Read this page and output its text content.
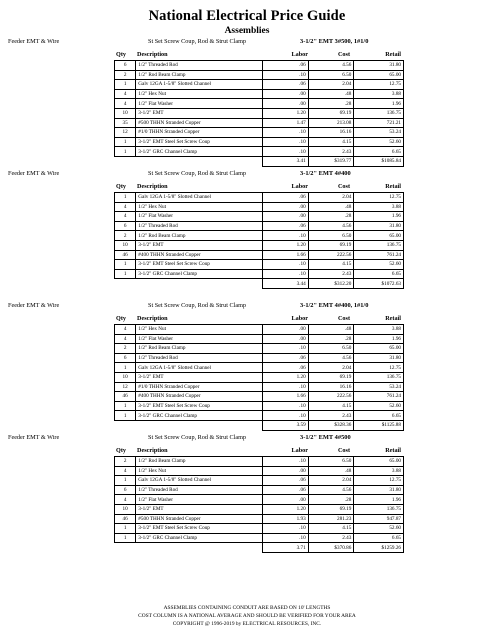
National Electrical Price Guide
Assemblies
Feeder EMT & Wire	St Set Screw Coup, Rod & Strut Clamp	3-1/2" EMT 3#500, 1#1/0
Qty Description	Labor	Cost	Retail
6	1/2" Threaded Rod	.06	4.56	31.80
2	1/2" Rod Beam Clamp	.10	6.50	65.00
1	Galv 12GA 1-5/8" Slotted Channel	.06	2.04	12.75
4	1/2" Hex Nut	.00	.48	3.88
4	1/2" Flat Washer	.00	.28	1.96
10	3-1/2" EMT	1.20	69.19	136.75
35	#500 THHN Stranded Copper	1.47	213.08	721.21
12	#1/0 THHN Stranded Copper	.10	16.16	53.24
1	3-1/2" EMT Steel Set Screw Coup	.10	4.15	52.60
1	3-1/2" GRC Channel Clamp	.10	2.43	6.65
		3.41	$319.77	$1085.84
Feeder EMT & Wire	St Set Screw Coup, Rod & Strut Clamp	3-1/2" EMT 4#400
Qty Description	Labor	Cost	Retail
1	Galv 12GA 1-5/8" Slotted Channel	.06	2.04	12.75
4	1/2" Hex Nut	.00	.48	3.88
4	1/2" Flat Washer	.00	.28	1.96
6	1/2" Threaded Rod	.06	4.56	31.80
2	1/2" Rod Beam Clamp	.10	6.50	65.00
10	3-1/2" EMT	1.20	69.19	136.75
46	#400 THHN Stranded Copper	1.66	222.56	761.24
1	3-1/2" EMT Steel Set Screw Coup	.10	4.15	52.60
1	3-1/2" GRC Channel Clamp	.10	2.43	6.65
		3.44	$312.20	$1072.63
Feeder EMT & Wire	St Set Screw Coup, Rod & Strut Clamp	3-1/2" EMT 4#400, 1#1/0
Qty Description	Labor	Cost	Retail
4	1/2" Hex Nut	.00	.48	3.88
4	1/2" Flat Washer	.00	.28	1.96
2	1/2" Rod Beam Clamp	.10	6.50	65.00
6	1/2" Threaded Rod	.06	4.56	31.80
1	Galv 12GA 1-5/8" Slotted Channel	.06	2.04	12.75
10	3-1/2" EMT	1.20	69.19	136.75
12	#1/0 THHN Stranded Copper	.10	16.16	53.24
46	#400 THHN Stranded Copper	1.66	222.56	761.24
1	3-1/2" EMT Steel Set Screw Coup	.10	4.15	52.60
1	3-1/2" GRC Channel Clamp	.10	2.43	6.65
		3.59	$328.36	$1125.88
Feeder EMT & Wire	St Set Screw Coup, Rod & Strut Clamp	3-1/2" EMT 4#500
Qty Description	Labor	Cost	Retail
2	1/2" Rod Beam Clamp	.10	6.50	65.00
4	1/2" Hex Nut	.00	.48	3.88
1	Galv 12GA 1-5/8" Slotted Channel	.06	2.04	12.75
6	1/2" Threaded Rod	.06	4.56	31.80
4	1/2" Flat Washer	.00	.28	1.96
10	3-1/2" EMT	1.20	69.19	136.75
46	#500 THHN Stranded Copper	1.93	281.23	947.87
1	3-1/2" EMT Steel Set Screw Coup	.10	4.15	52.60
1	3-1/2" GRC Channel Clamp	.10	2.43	6.65
		3.71	$370.86	$1259.26
ASSEMBLIES CONTAINING CONDUIT ARE BASED ON 10' LENGTHS
COST COLUMN IS A NATIONAL AVERAGE AND SHOULD BE VERIFIED FOR YOUR AREA
COPYRIGHT @ 1996-2019 by ELECTRICAL RESOURCES, INC.
